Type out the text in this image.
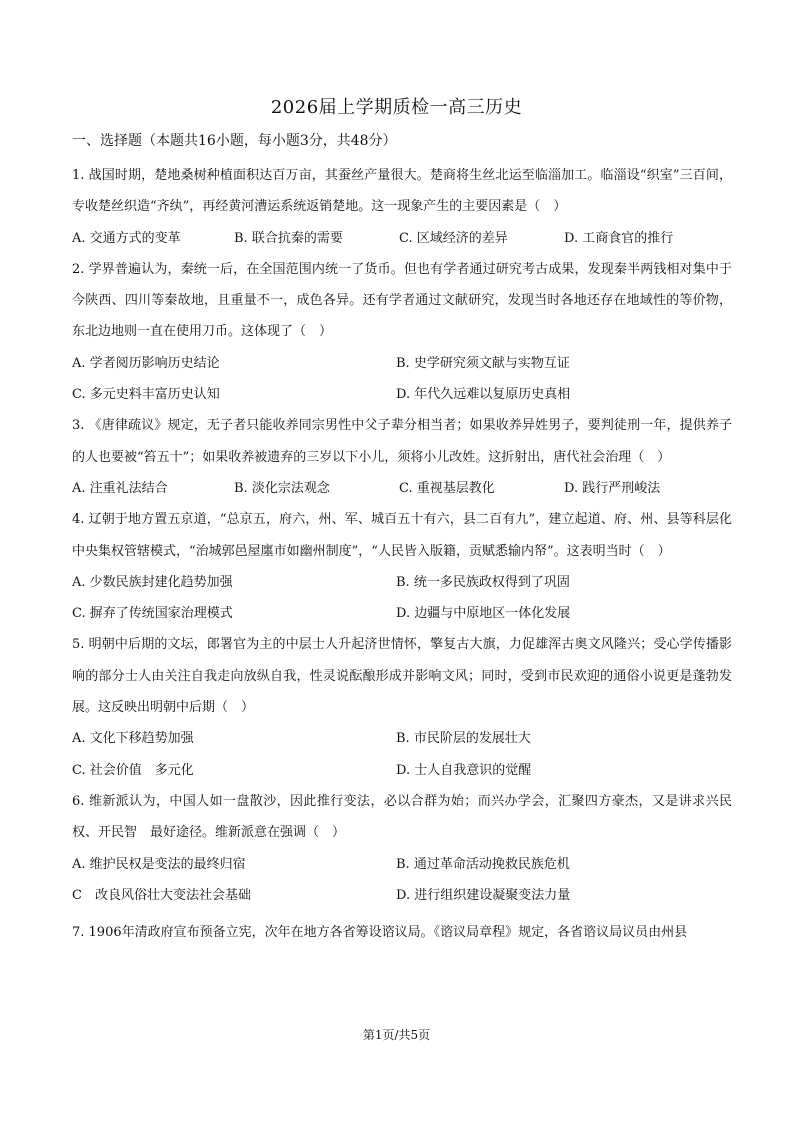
2026届上学期质检一高三历史
一、选择题（本题共16小题，每小题3分，共48分）

1. 战国时期，楚地桑树种植面积达百万亩，其蚕丝产量很大。楚商将生丝北运至临淄加工。临淄设“织室”三百间，专收楚丝织造“齐纨”，再经黄河漕运系统返销楚地。这一现象产生的主要因素是（　）

A. 交通方式的变革	B. 联合抗秦的需要	C. 区域经济的差异	D. 工商食官的推行

2. 学界普遍认为，秦统一后，在全国范围内统一了货币。但也有学者通过研究考古成果，发现秦半两钱相对集中于今陕西、四川等秦故地，且重量不一，成色各异。还有学者通过文献研究，发现当时各地还存在地域性的等价物，东北边地则一直在使用刀币。这体现了（　）

A. 学者阅历影响历史结论	B. 史学研究须文献与实物互证
C. 多元史料丰富历史认知	D. 年代久远难以复原历史真相

3. 《唐律疏议》规定，无子者只能收养同宗男性中父子辈分相当者；如果收养异姓男子，要判徒刑一年，提供养子的人也要被“笞五十”；如果收养被遗弃的三岁以下小儿，须将小儿改姓。这折射出，唐代社会治理（　）

A. 注重礼法结合	B. 淡化宗法观念	C. 重视基层教化	D. 践行严刑峻法

4. 辽朝于地方置五京道，“总京五，府六，州、军、城百五十有六，县二百有九”，建立起道、府、州、县等科层化中央集权管辖模式，“治城郭邑屋廛市如幽州制度”，“人民皆入版籍，贡赋悉输内帑”。这表明当时（　）

A. 少数民族封建化趋势加强	B. 统一多民族政权得到了巩固
C. 摒弃了传统国家治理模式	D. 边疆与中原地区一体化发展

5. 明朝中后期的文坛，郎署官为主的中层士人升起济世情怀，擎复古大旗，力促雄浑古奥文风隆兴；受心学传播影响的部分士人由关注自我走向放纵自我，性灵说酝酿形成并影响文风；同时，受到市民欢迎的通俗小说更是蓬勃发展。这反映出明朝中后期（　）

A. 文化下移趋势加强	B. 市民阶层的发展壮大
C. 社会价值　多元化	D. 士人自我意识的觉醒

6. 维新派认为，中国人如一盘散沙，因此推行变法，必以合群为始；而兴办学会，汇聚四方豪杰，又是讲求兴民权、开民智　最好途径。维新派意在强调（　）

A. 维护民权是变法的最终归宿	B. 通过革命活动挽救民族危机
C　改良风俗壮大变法社会基础	D. 进行组织建设凝聚变法力量

7. 1906年清政府宣布预备立宪，次年在地方各省筹设谘议局。《谘议局章程》规定，各省谘议局议员由州县

第1页/共5页
